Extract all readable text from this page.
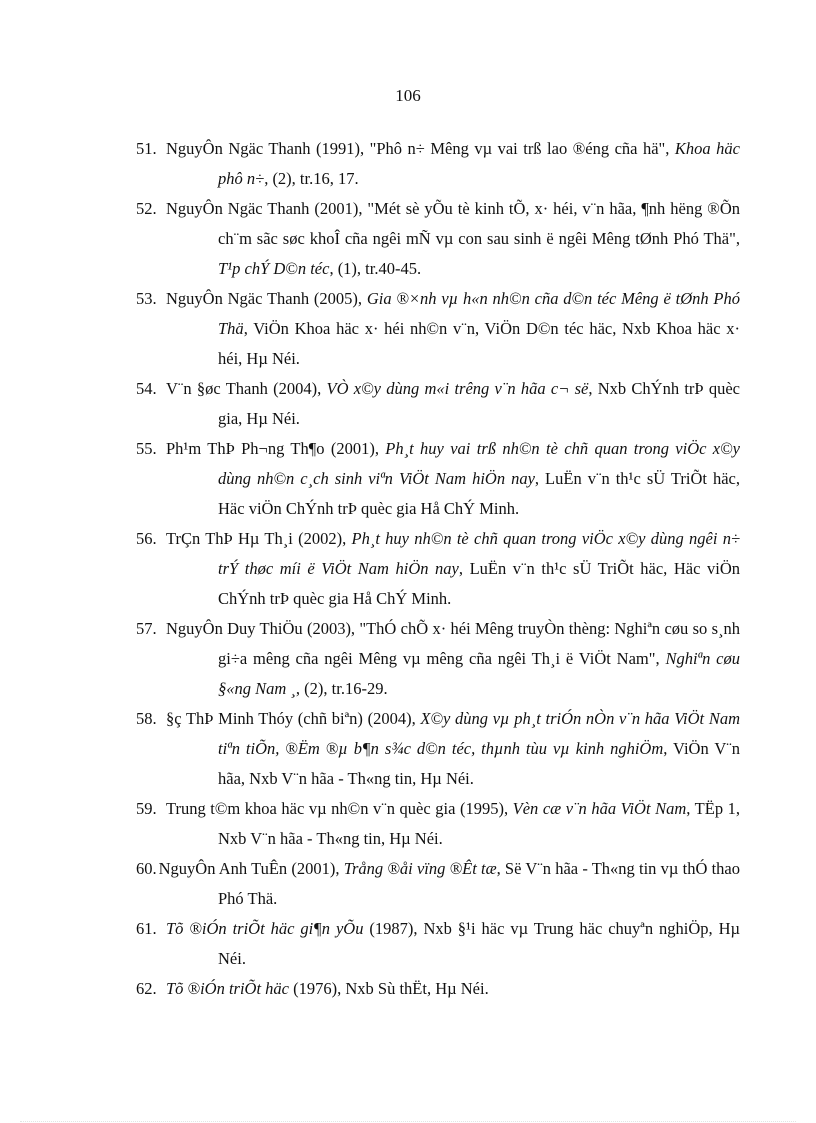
106
51. NguyÔn Ngäc Thanh (1991), "Phô n÷ Mêng vµ vai trß lao ®éng cña hä", Khoa häc phô n÷, (2), tr.16, 17.
52. NguyÔn Ngäc Thanh (2001), "Mét sè yÕu tè kinh tÕ, x· héi, v¨n hãa, ¶nh hëng ®Õn ch¨m sãc søc khoÎ cña ngêi mÑ vµ con sau sinh ë ngêi Mêng tØnh Phó Thä", T¹p chÝ D©n téc, (1), tr.40-45.
53. NguyÔn Ngäc Thanh (2005), Gia ®×nh vµ h«n nh©n cña d©n téc Mêng ë tØnh Phó Thä, ViÖn Khoa häc x· héi nh©n v¨n, ViÖn D©n téc häc, Nxb Khoa häc x· héi, Hµ Néi.
54. V¨n §øc Thanh (2004), VÒ x©y dùng m«i trêng v¨n hãa c¬ së, Nxb ChÝnh trÞ quèc gia, Hµ Néi.
55. Ph¹m ThÞ Ph¬ng Th¶o (2001), Ph¸t huy vai trß nh©n tè chñ quan trong viÖc x©y dùng nh©n c¸ch sinh viªn ViÖt Nam hiÖn nay, LuËn v¨n th¹c sÜ TriÕt häc, Häc viÖn ChÝnh trÞ quèc gia Hå ChÝ Minh.
56. TrÇn ThÞ Hµ Th¸i (2002), Ph¸t huy nh©n tè chñ quan trong viÖc x©y dùng ngêi n÷ trÝ thøc míi ë ViÖt Nam hiÖn nay, LuËn v¨n th¹c sÜ TriÕt häc, Häc viÖn ChÝnh trÞ quèc gia Hå ChÝ Minh.
57. NguyÔn Duy ThiÖu (2003), "ThÓ chÕ x· héi Mêng truyÒn thèng: Nghiªn cøu so s¸nh gi÷a mêng cña ngêi Mêng vµ mêng cña ngêi Th¸i ë ViÖt Nam", Nghiªn cøu §«ng Nam ¸, (2), tr.16-29.
58. §ç ThÞ Minh Thóy (chñ biªn) (2004), X©y dùng vµ ph¸t triÓn nÒn v¨n hãa ViÖt Nam tiªn tiÕn, ®Ëm ®µ b¶n s¾c d©n téc, thµnh tùu vµ kinh nghiÖm, ViÖn V¨n hãa, Nxb V¨n hãa - Th«ng tin, Hµ Néi.
59. Trung t©m khoa häc vµ nh©n v¨n quèc gia (1995), Vèn cæ v¨n hãa ViÖt Nam, TËp 1, Nxb V¨n hãa - Th«ng tin, Hµ Néi.
60. NguyÔn Anh TuÊn (2001), Trång ®åi vïng ®Êt tæ, Së V¨n hãa - Th«ng tin vµ thÓ thao Phó Thä.
61. Tõ ®iÓn triÕt häc gi¶n yÕu (1987), Nxb §¹i häc vµ Trung häc chuyªn nghiÖp, Hµ Néi.
62. Tõ ®iÓn triÕt häc (1976), Nxb Sù thËt, Hµ Néi.
